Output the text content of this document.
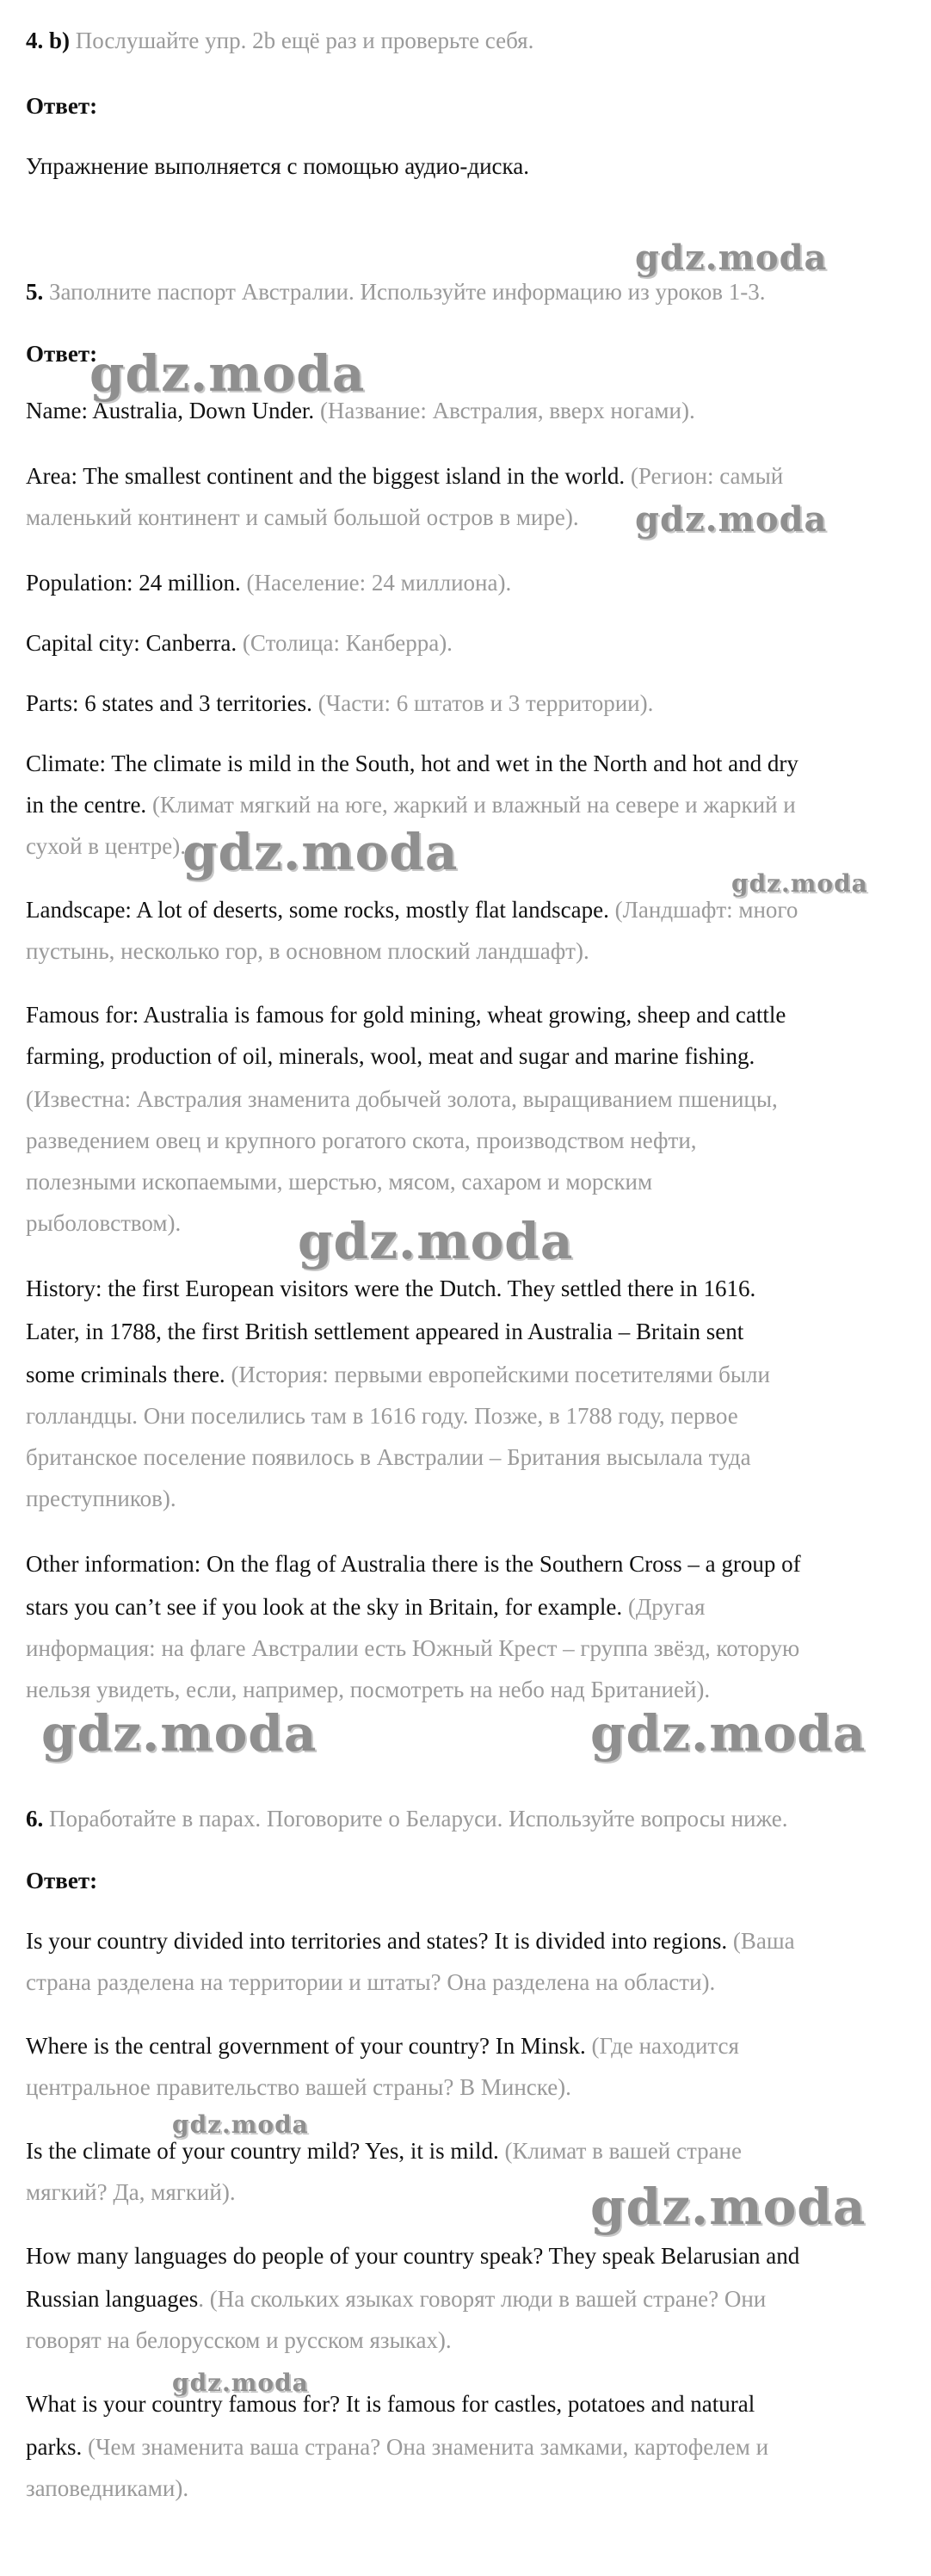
4. b) Послушайте упр. 2b ещё раз и проверьте себя.
Ответ:
Упражнение выполняется с помощью аудио-диска.
5. Заполните паспорт Австралии. Используйте информацию из уроков 1-3.
Ответ:
Name: Australia, Down Under. (Название: Австралия, вверх ногами).
Area: The smallest continent and the biggest island in the world. (Регион: самый
маленький континент и самый большой остров в мире).
Population: 24 million. (Население: 24 миллиона).
Capital city: Canberra. (Столица: Канберра).
Parts: 6 states and 3 territories. (Части: 6 штатов и 3 территории).
Climate: The climate is mild in the South, hot and wet in the North and hot and dry
in the centre. (Климат мягкий на юге, жаркий и влажный на севере и жаркий и
сухой в центре).
Landscape: A lot of deserts, some rocks, mostly flat landscape. (Ландшафт: много
пустынь, несколько гор, в основном плоский ландшафт).
Famous for: Australia is famous for gold mining, wheat growing, sheep and cattle
farming, production of oil, minerals, wool, meat and sugar and marine fishing.
(Известна: Австралия знаменита добычей золота, выращиванием пшеницы,
разведением овец и крупного рогатого скота, производством нефти,
полезными ископаемыми, шерстью, мясом, сахаром и морским
рыболовством).
History: the first European visitors were the Dutch. They settled there in 1616.
Later, in 1788, the first British settlement appeared in Australia – Britain sent
some criminals there. (История: первыми европейскими посетителями были
голландцы. Они поселились там в 1616 году. Позже, в 1788 году, первое
британское поселение появилось в Австралии – Британия высылала туда
преступников).
Other information: On the flag of Australia there is the Southern Cross – a group of
stars you can’t see if you look at the sky in Britain, for example. (Другая
информация: на флаге Австралии есть Южный Крест – группа звёзд, которую
нельзя увидеть, если, например, посмотреть на небо над Британией).
6. Поработайте в парах. Поговорите о Беларуси. Используйте вопросы ниже.
Ответ:
Is your country divided into territories and states? It is divided into regions. (Ваша
страна разделена на территории и штаты? Она разделена на области).
Where is the central government of your country? In Minsk. (Где находится
центральное правительство вашей страны? В Минске).
Is the climate of your country mild? Yes, it is mild. (Климат в вашей стране
мягкий? Да, мягкий).
How many languages do people of your country speak? They speak Belarusian and
Russian languages. (На скольких языках говорят люди в вашей стране? Они
говорят на белорусском и русском языках).
What is your country famous for? It is famous for castles, potatoes and natural
parks. (Чем знаменита ваша страна? Она знаменита замками, картофелем и
заповедниками).
gdz.moda
gdz.moda
gdz.moda
gdz.moda
gdz.moda
gdz.moda
gdz.moda	gdz.moda
gdz.moda
gdz.moda
gdz.moda
